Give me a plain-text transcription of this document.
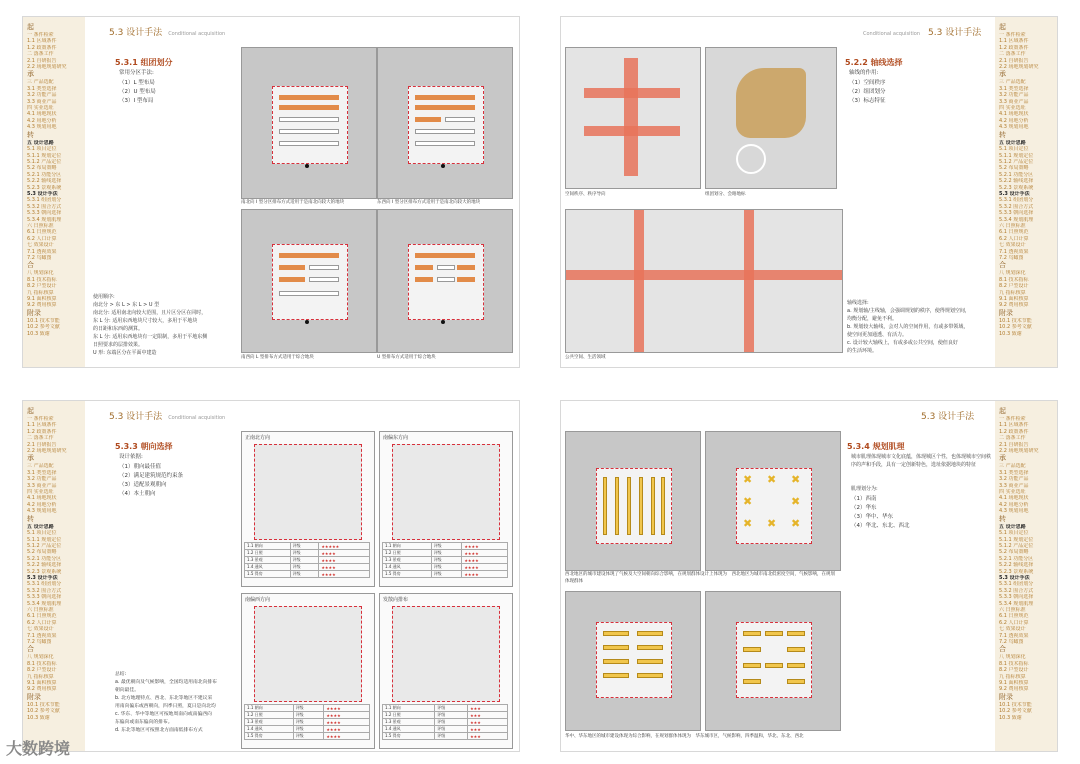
起
一 条件检索
1.1 区域条件
1.2 政策条件
二 落条工作
2.1 自研报告
2.2 场地规划研究
承
三 产品选配
3.1 类型选择
3.2 功能产品
3.3 商业产品
四 实业选址
4.1 场地现状
4.2 用地分析
4.3 规划用地
转
五 设计思路
5.1 项目定位
5.1.1 规划定位
5.1.2 产品定位
5.2 布局策略
5.2.1 功能分区
5.2.2 轴线选择
5.2.3 景观系统
5.3 设计手法
5.3.1 组团划分
5.3.2 围合方式
5.3.3 朝向选择
5.3.4 规划肌理
六 日照标准
6.1 日照规范
6.2 人口计算
七 效果设计
7.1 透视效果
7.2 鸟瞰图
合
八 规划深化
8.1 技术指标
8.2 户型设计
九 指标核算
9.1 面积核算
9.2 费用核算
附录
10.1 技术节能
10.2 参考文献
10.3 致谢
5.3 设计手法 Conditional acquisition
5.3.1 组团划分
常用分区手法:
（1）L 型布局
（2）U 型布局
（3）I 型布局
南北向 I 型分区排布方式适用于是南北向较大的地块	东西向 I 型分区排布方式适用于是南北向较大的地块
南西向 L 型排布方式适用于综合地块	U 型排布方式适用于综合地块
使用顺序:
南北分 > 东 L > 东 L > U 型
南北分: 适用南北向较大范围，且片区分区在同时，
东 L 分: 适用东西地块尺寸较大，多用于平地块
的日距和东西的测算。
东 L 分: 适用东西地块有一定限制，多用于平地东侧
日照要求的层排效果。
U 形: 东端区分在平面中建造
起
一 条件检索
1.1 区域条件
1.2 政策条件
二 落条工作
2.1 自研报告
2.2 场地规划研究
承
三 产品选配
3.1 类型选择
3.2 功能产品
3.3 商业产品
四 实业选址
4.1 场地现状
4.2 用地分析
4.3 规划用地
转
五 设计思路
5.1 项目定位
5.1.1 规划定位
5.1.2 产品定位
5.2 布局策略
5.2.1 功能分区
5.2.2 轴线选择
5.2.3 景观系统
5.3 设计手法
5.3.1 组团划分
5.3.2 围合方式
5.3.3 朝向选择
5.3.4 规划肌理
六 日照标准
6.1 日照规范
6.2 人口计算
七 效果设计
7.1 透视效果
7.2 鸟瞰图
合
八 规划深化
8.1 技术指标
8.2 户型设计
九 指标核算
9.1 面积核算
9.2 费用核算
附录
10.1 技术节能
10.2 参考文献
10.3 致谢
Conditional acquisition 5.3 设计手法
空间秩序、秩序导向	组团划分、会晤地标
5.2.2 轴线选择
轴线的作用:
（1）空间秩序
（2）组团划分
（3）标志特征
公共空间、生活领域
轴线选择:
a. 规划轴/主线轴，会强调规划的秩序，使得规划空间，
均衡分配，避免不利。
b. 规划较大轴线，会对人的空间作用，有或多带领域，
使空间更加通透、有活力。
c. 设计较大轴线上，有或多或公共空间，使但良好
的生活环境。
起
一 条件检索
1.1 区域条件
1.2 政策条件
二 落条工作
2.1 自研报告
2.2 场地规划研究
承
三 产品选配
3.1 类型选择
3.2 功能产品
3.3 商业产品
四 实业选址
4.1 场地现状
4.2 用地分析
4.3 规划用地
转
五 设计思路
5.1 项目定位
5.1.1 规划定位
5.1.2 产品定位
5.2 布局策略
5.2.1 功能分区
5.2.2 轴线选择
5.2.3 景观系统
5.3 设计手法
5.3.1 组团划分
5.3.2 围合方式
5.3.3 朝向选择
5.3.4 规划肌理
六 日照标准
6.1 日照规范
6.2 人口计算
七 效果设计
7.1 透视效果
7.2 鸟瞰图
合
八 规划深化
8.1 技术指标
8.2 户型设计
九 指标核算
9.1 面积核算
9.2 费用核算
附录
10.1 技术节能
10.2 参考文献
10.3 致谢
5.3 设计手法 Conditional acquisition
5.3.3 朝向选择
设计依据:
（1）朝向最佳值
（2）满足建筑规范约束条
（3）适配景观朝向
（4）本土朝向
正南北方向
1.1 朝向	评级	★★★★★
1.2 日照	评级	★★★★
1.3 景观	评级	★★★★
1.4 通风	评级	★★★★
1.5 得房	评级	★★★★
南偏东方向
1.1 朝向	评级	★★★★
1.2 日照	评级	★★★★
1.3 景观	评级	★★★★
1.4 通风	评级	★★★★
1.5 得房	评级	★★★★
南偏西方向
1.1 朝向	评级	★★★★
1.2 日照	评级	★★★★
1.3 景观	评级	★★★★
1.4 通风	评级	★★★★
1.5 得房	评级	★★★★
发散向排布
1.1 朝向	评级	★★★
1.2 日照	评级	★★★
1.3 景观	评级	★★★
1.4 通风	评级	★★★
1.5 得房	评级	★★★
总结:
a. 最优朝向及气候影响，全国均适用南北向排布
朝向最佳。
b. 北方地理特点、西北、东北等地区不建议采
用南向偏东或西朝向，四季日照，夏日是向北均
c. 华东、华中等地区可按地周南向或南偏西向
东偏向或南东偏向的排布。
d. 东北等地区可按照北方面南低排布方式
起
一 条件检索
1.1 区域条件
1.2 政策条件
二 落条工作
2.1 自研报告
2.2 场地规划研究
承
三 产品选配
3.1 类型选择
3.2 功能产品
3.3 商业产品
四 实业选址
4.1 场地现状
4.2 用地分析
4.3 规划用地
转
五 设计思路
5.1 项目定位
5.1.1 规划定位
5.1.2 产品定位
5.2 布局策略
5.2.1 功能分区
5.2.2 轴线选择
5.2.3 景观系统
5.3 设计手法
5.3.1 组团划分
5.3.2 围合方式
5.3.3 朝向选择
5.3.4 规划肌理
六 日照标准
6.1 日照规范
6.2 人口计算
七 效果设计
7.1 透视效果
7.2 鸟瞰图
合
八 规划深化
8.1 技术指标
8.2 户型设计
九 指标核算
9.1 面积核算
9.2 费用核算
附录
10.1 技术节能
10.2 参考文献
10.3 致谢
5.3 设计手法
✖ ✖ ✖
✖	✖
✖ ✖ ✖
西北地区的城市建设体现了气候及大空间朝向综合影响，在规划群体设计上体现为　 西北地区为城市南北低密度空间，气候影响，在规划体现群体
5.3.4 规划肌理
城市肌理体现城市文化底蕴，体现城区个性，也体现城市空间秩序的声和手段，具有一定创新特色，选址依据地块的特征
肌理划分为:
（1）西南
（2）华东
（3）华中、华东
（4）华北、东北、西北
华中、华东地区的城市建设体现为综合影响，在规划群体体现为　 华东城市区，气候影响，四季温和，华北、东北、西北
大数跨境
